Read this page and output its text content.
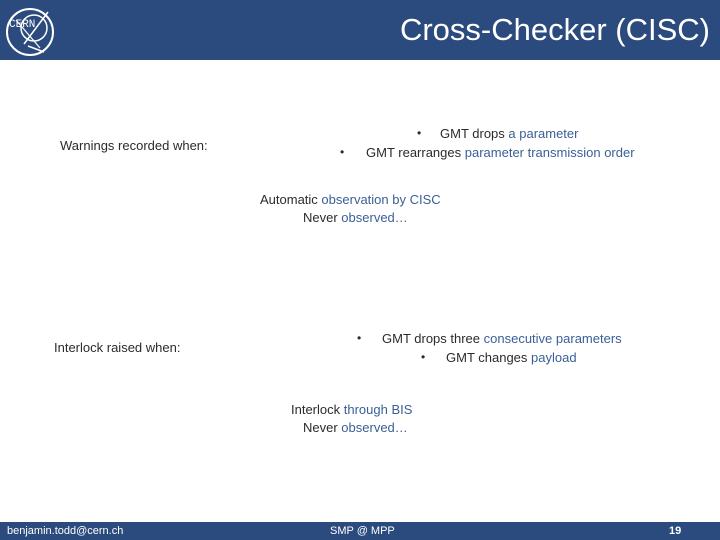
CERN	Cross-Checker (CISC)
Warnings recorded when:
• GMT drops a parameter
• GMT rearranges parameter transmission order
Automatic observation by CISC
Never observed…
Interlock raised when:
• GMT drops three consecutive parameters
• GMT changes payload
Interlock through BIS
Never observed…
benjamin.todd@cern.ch	SMP @ MPP	19
